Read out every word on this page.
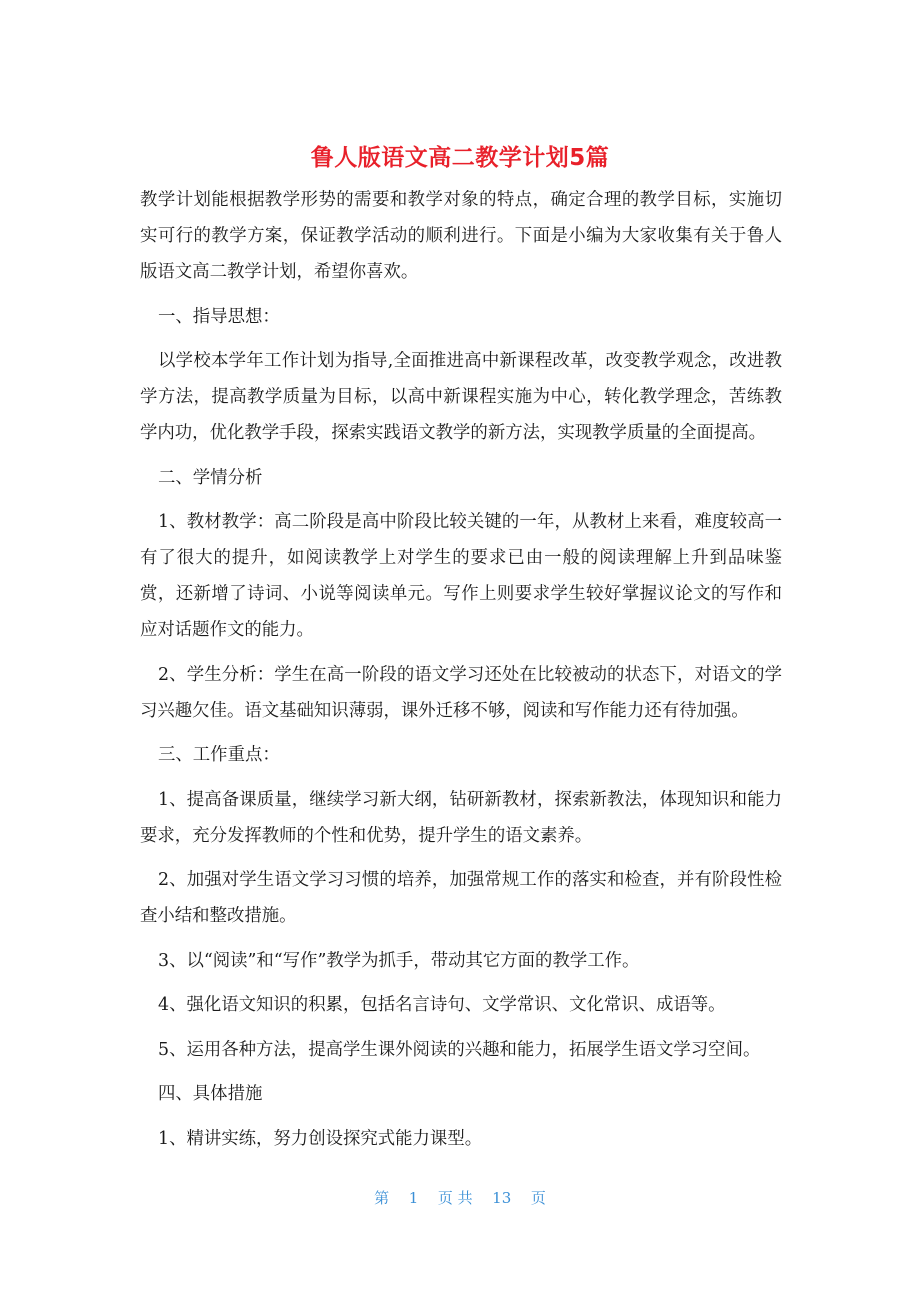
鲁人版语文高二教学计划5篇

教学计划能根据教学形势的需要和教学对象的特点，确定合理的教学目标，实施切实可行的教学方案，保证教学活动的顺利进行。下面是小编为大家收集有关于鲁人版语文高二教学计划，希望你喜欢。

一、指导思想：

以学校本学年工作计划为指导,全面推进高中新课程改革，改变教学观念，改进教学方法，提高教学质量为目标，以高中新课程实施为中心，转化教学理念，苦练教学内功，优化教学手段，探索实践语文教学的新方法，实现教学质量的全面提高。

二、学情分析

1、教材教学：高二阶段是高中阶段比较关键的一年，从教材上来看，难度较高一有了很大的提升，如阅读教学上对学生的要求已由一般的阅读理解上升到品味鉴赏，还新增了诗词、小说等阅读单元。写作上则要求学生较好掌握议论文的写作和应对话题作文的能力。

2、学生分析：学生在高一阶段的语文学习还处在比较被动的状态下，对语文的学习兴趣欠佳。语文基础知识薄弱，课外迁移不够，阅读和写作能力还有待加强。

三、工作重点：

1、提高备课质量，继续学习新大纲，钻研新教材，探索新教法，体现知识和能力要求，充分发挥教师的个性和优势，提升学生的语文素养。

2、加强对学生语文学习习惯的培养，加强常规工作的落实和检查，并有阶段性检查小结和整改措施。

3、以“阅读”和“写作”教学为抓手，带动其它方面的教学工作。

4、强化语文知识的积累，包括名言诗句、文学常识、文化常识、成语等。

5、运用各种方法，提高学生课外阅读的兴趣和能力，拓展学生语文学习空间。

四、具体措施

1、精讲实练，努力创设探究式能力课型。

第 1 页 共 13 页
